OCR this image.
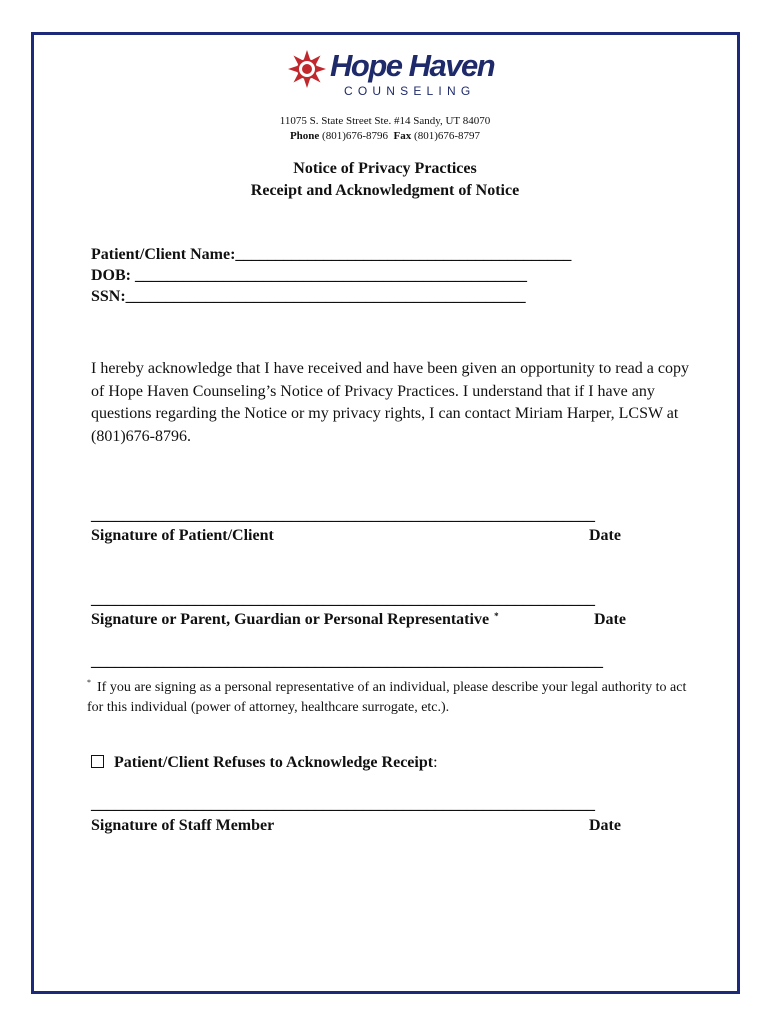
Hope Haven
COUNSELING
11075 S. State Street Ste. #14 Sandy, UT 84070
Phone (801)676-8796 Fax (801)676-8797
Notice of Privacy Practices
Receipt and Acknowledgment of Notice
Patient/Client Name:__________________________________________
DOB: _________________________________________________
SSN:__________________________________________________
I hereby acknowledge that I have received and have been given an opportunity to read a copy of Hope Haven Counseling’s Notice of Privacy Practices. I understand that if I have any questions regarding the Notice or my privacy rights, I can contact Miriam Harper, LCSW at (801)676-8796.
_______________________________________________________________
Signature of Patient/Client	Date
_______________________________________________________________
Signature or Parent, Guardian or Personal Representative *	Date
________________________________________________________________
* If you are signing as a personal representative of an individual, please describe your legal authority to act for this individual (power of attorney, healthcare surrogate, etc.).
Patient/Client Refuses to Acknowledge Receipt:
_______________________________________________________________
Signature of Staff Member	Date
